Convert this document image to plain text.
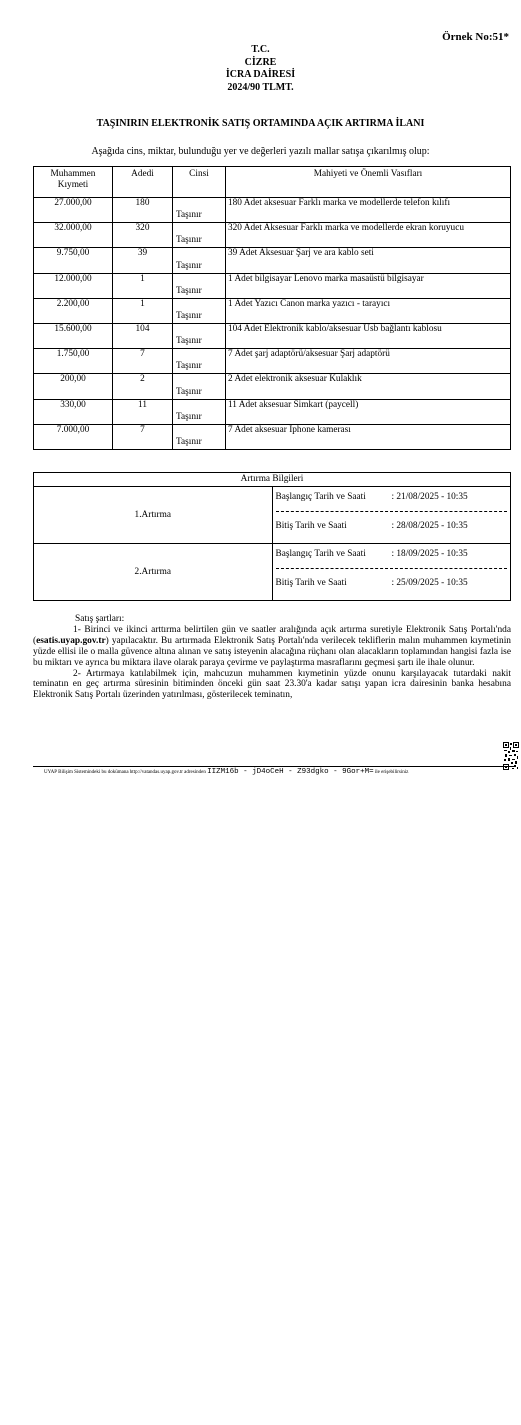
Örnek No:51*
T.C.
CİZRE
İCRA DAİRESİ
2024/90 TLMT.
TAŞINIRIN ELEKTRONİK SATIŞ ORTAMINDA AÇIK ARTIRMA İLANI
Aşağıda cins, miktar, bulunduğu yer ve değerleri yazılı mallar satışa çıkarılmış olup:
Muhammen Kıymeti	Adedi	Cinsi	Mahiyeti ve Önemli Vasıfları
27.000,00	180	Taşınır	180 Adet aksesuar Farklı marka ve modellerde telefon kılıfı
32.000,00	320	Taşınır	320 Adet Aksesuar Farklı marka ve modellerde ekran koruyucu
9.750,00	39	Taşınır	39 Adet Aksesuar Şarj ve ara kablo seti
12.000,00	1	Taşınır	1 Adet bilgisayar Lenovo marka masaüstü bilgisayar
2.200,00	1	Taşınır	1 Adet Yazıcı Canon marka yazıcı - tarayıcı
15.600,00	104	Taşınır	104 Adet Elektronik kablo/aksesuar Usb bağlantı kablosu
1.750,00	7	Taşınır	7 Adet şarj adaptörü/aksesuar Şarj adaptörü
200,00	2	Taşınır	2 Adet elektronik aksesuar Kulaklık
330,00	11	Taşınır	11 Adet aksesuar Simkart (paycell)
7.000,00	7	Taşınır	7 Adet aksesuar Iphone kamerası
Artırma Bilgileri	
1.Artırma	Başlangıç Tarih ve Saati : 21/08/2025 - 10:35
Bitiş Tarih ve Saati : 28/08/2025 - 10:35

2.Artırma	Başlangıç Tarih ve Saati : 18/09/2025 - 10:35
Bitiş Tarih ve Saati : 25/09/2025 - 10:35

Satış şartları:

1- Birinci ve ikinci arttırma belirtilen gün ve saatler aralığında açık artırma suretiyle Elektronik Satış Portalı'nda (esatis.uyap.gov.tr) yapılacaktır. Bu artırmada Elektronik Satış Portalı'nda verilecek tekliflerin malın muhammen kıymetinin yüzde ellisi ile o malla güvence altına alınan ve satış isteyenin alacağına rüçhanı olan alacakların toplamından hangisi fazla ise bu miktarı ve ayrıca bu miktara ilave olarak paraya çevirme ve paylaştırma masraflarını geçmesi şartı ile ihale olunur.

2- Artırmaya katılabilmek için, mahcuzun muhammen kıymetinin yüzde onunu karşılayacak tutardaki nakit teminatın en geç artırma süresinin bitiminden önceki gün saat 23.30'a kadar satışı yapan icra dairesinin banka hesabına Elektronik Satış Portalı üzerinden yatırılması, gösterilecek teminatın,

UYAP Bilişim Sistemindeki bu dokümana http://vatandas.uyap.gov.tr adresinden IIZM16b - jD4oCeH - Z93dgko - 9Gor+M= ile erişebilirsiniz
